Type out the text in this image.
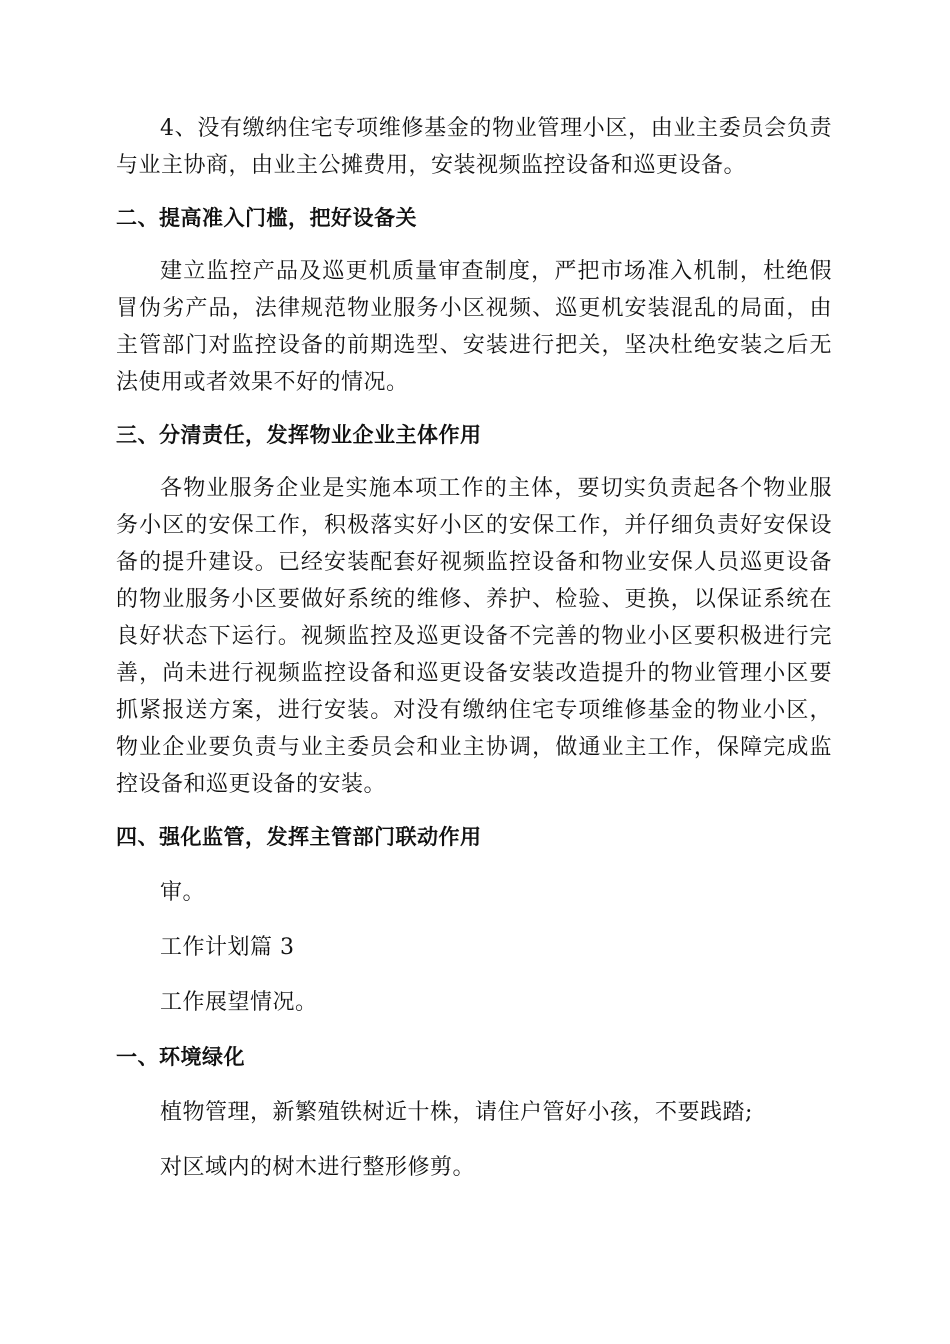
4、没有缴纳住宅专项维修基金的物业管理小区，由业主委员会负责与业主协商，由业主公摊费用，安装视频监控设备和巡更设备。

二、提高准入门槛，把好设备关

建立监控产品及巡更机质量审查制度，严把市场准入机制，杜绝假冒伪劣产品，法律规范物业服务小区视频、巡更机安装混乱的局面，由主管部门对监控设备的前期选型、安装进行把关，坚决杜绝安装之后无法使用或者效果不好的情况。

三、分清责任，发挥物业企业主体作用

各物业服务企业是实施本项工作的主体，要切实负责起各个物业服务小区的安保工作，积极落实好小区的安保工作，并仔细负责好安保设备的提升建设。已经安装配套好视频监控设备和物业安保人员巡更设备的物业服务小区要做好系统的维修、养护、检验、更换，以保证系统在良好状态下运行。视频监控及巡更设备不完善的物业小区要积极进行完善，尚未进行视频监控设备和巡更设备安装改造提升的物业管理小区要抓紧报送方案，进行安装。对没有缴纳住宅专项维修基金的物业小区，物业企业要负责与业主委员会和业主协调，做通业主工作，保障完成监控设备和巡更设备的安装。

四、强化监管，发挥主管部门联动作用

审。

工作计划篇 3

工作展望情况。

一、环境绿化

植物管理，新繁殖铁树近十株，请住户管好小孩，不要践踏;

对区域内的树木进行整形修剪。
